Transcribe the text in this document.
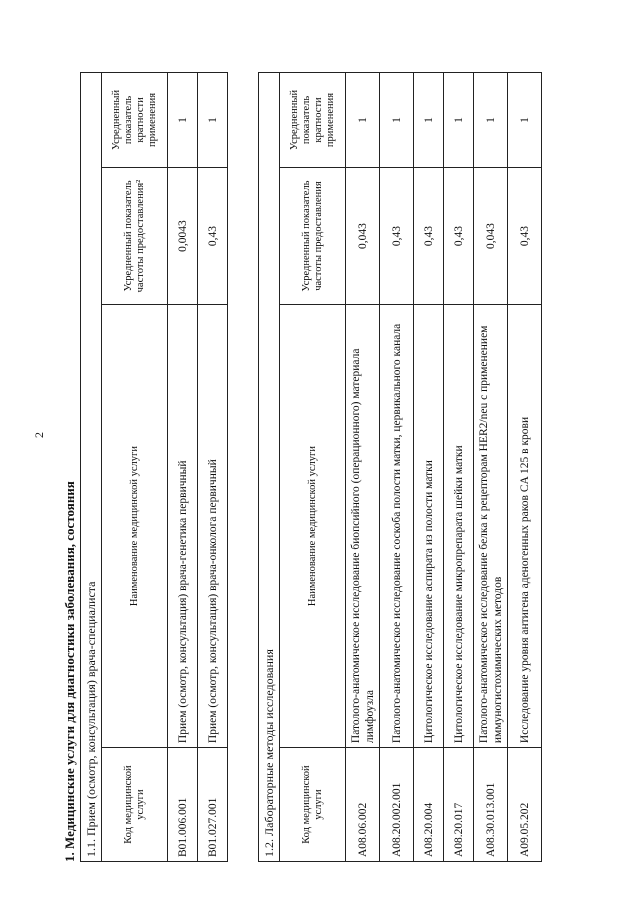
2
1. Медицинские услуги для диагностики заболевания, состояния 1.1. Прием (осмотр, консультация) врача-специалиста			
Код медицинской услуги	Наименование медицинской услуги	Усредненный показатель частоты предоставления²	Усредненный показатель кратности применения
B01.006.001	Прием (осмотр, консультация) врача-генетика первичный	0,0043	1
B01.027.001	Прием (осмотр, консультация) врача-онколога первичный	0,43	1
1.2. Лабораторные методы исследования			
Код медицинской услуги	Наименование медицинской услуги	Усредненный показатель частоты предоставления	Усредненный показатель кратности применения
A08.06.002	Патолого-анатомическое исследование биопсийного (операционного) материала лимфоузла	0,043	1
A08.20.002.001	Патолого-анатомическое исследование соскоба полости матки, цервикального канала	0,43	1
A08.20.004	Цитологическое исследование аспирата из полости матки	0,43	1
A08.20.017	Цитологическое исследование микропрепарата шейки матки	0,43	1
A08.30.013.001	Патолого-анатомическое исследование белка к рецепторам HER2/neu с применением иммуногистохимических методов	0,043	1
A09.05.202	Исследование уровня антигена аденогенных раков CA 125 в крови	0,43	1
